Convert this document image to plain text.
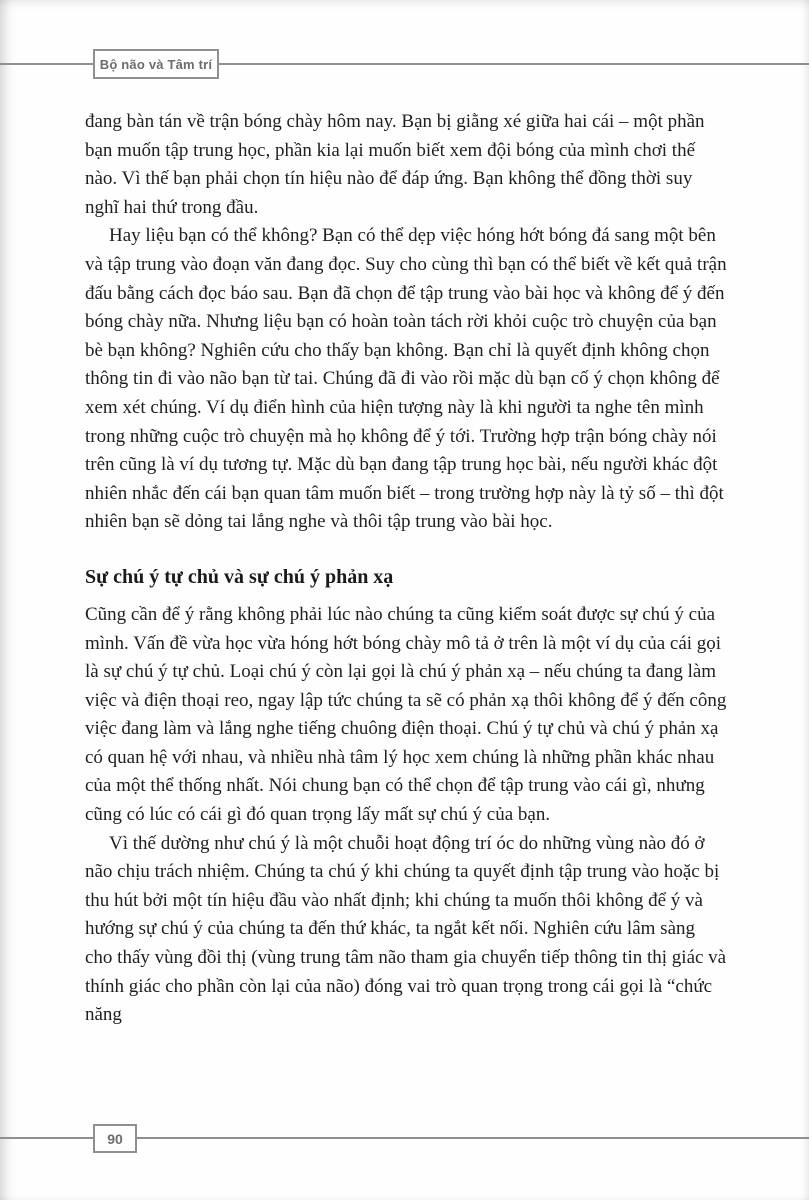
Bộ não và Tâm trí

đang bàn tán về trận bóng chày hôm nay. Bạn bị giằng xé giữa hai cái – một phần bạn muốn tập trung học, phần kia lại muốn biết xem đội bóng của mình chơi thế nào. Vì thế bạn phải chọn tín hiệu nào để đáp ứng. Bạn không thể đồng thời suy nghĩ hai thứ trong đầu.

Hay liệu bạn có thể không? Bạn có thể dẹp việc hóng hớt bóng đá sang một bên và tập trung vào đoạn văn đang đọc. Suy cho cùng thì bạn có thể biết về kết quả trận đấu bằng cách đọc báo sau. Bạn đã chọn để tập trung vào bài học và không để ý đến bóng chày nữa. Nhưng liệu bạn có hoàn toàn tách rời khỏi cuộc trò chuyện của bạn bè bạn không? Nghiên cứu cho thấy bạn không. Bạn chỉ là quyết định không chọn thông tin đi vào não bạn từ tai. Chúng đã đi vào rồi mặc dù bạn cố ý chọn không để xem xét chúng. Ví dụ điển hình của hiện tượng này là khi người ta nghe tên mình trong những cuộc trò chuyện mà họ không để ý tới. Trường hợp trận bóng chày nói trên cũng là ví dụ tương tự. Mặc dù bạn đang tập trung học bài, nếu người khác đột nhiên nhắc đến cái bạn quan tâm muốn biết – trong trường hợp này là tỷ số – thì đột nhiên bạn sẽ dỏng tai lắng nghe và thôi tập trung vào bài học.

Sự chú ý tự chủ và sự chú ý phản xạ

Cũng cần để ý rằng không phải lúc nào chúng ta cũng kiểm soát được sự chú ý của mình. Vấn đề vừa học vừa hóng hớt bóng chày mô tả ở trên là một ví dụ của cái gọi là sự chú ý tự chủ. Loại chú ý còn lại gọi là chú ý phản xạ – nếu chúng ta đang làm việc và điện thoại reo, ngay lập tức chúng ta sẽ có phản xạ thôi không để ý đến công việc đang làm và lắng nghe tiếng chuông điện thoại. Chú ý tự chủ và chú ý phản xạ có quan hệ với nhau, và nhiều nhà tâm lý học xem chúng là những phần khác nhau của một thể thống nhất. Nói chung bạn có thể chọn để tập trung vào cái gì, nhưng cũng có lúc có cái gì đó quan trọng lấy mất sự chú ý của bạn.

Vì thế dường như chú ý là một chuỗi hoạt động trí óc do những vùng nào đó ở não chịu trách nhiệm. Chúng ta chú ý khi chúng ta quyết định tập trung vào hoặc bị thu hút bởi một tín hiệu đầu vào nhất định; khi chúng ta muốn thôi không để ý và hướng sự chú ý của chúng ta đến thứ khác, ta ngắt kết nối. Nghiên cứu lâm sàng cho thấy vùng đồi thị (vùng trung tâm não tham gia chuyển tiếp thông tin thị giác và thính giác cho phần còn lại của não) đóng vai trò quan trọng trong cái gọi là “chức năng

90
